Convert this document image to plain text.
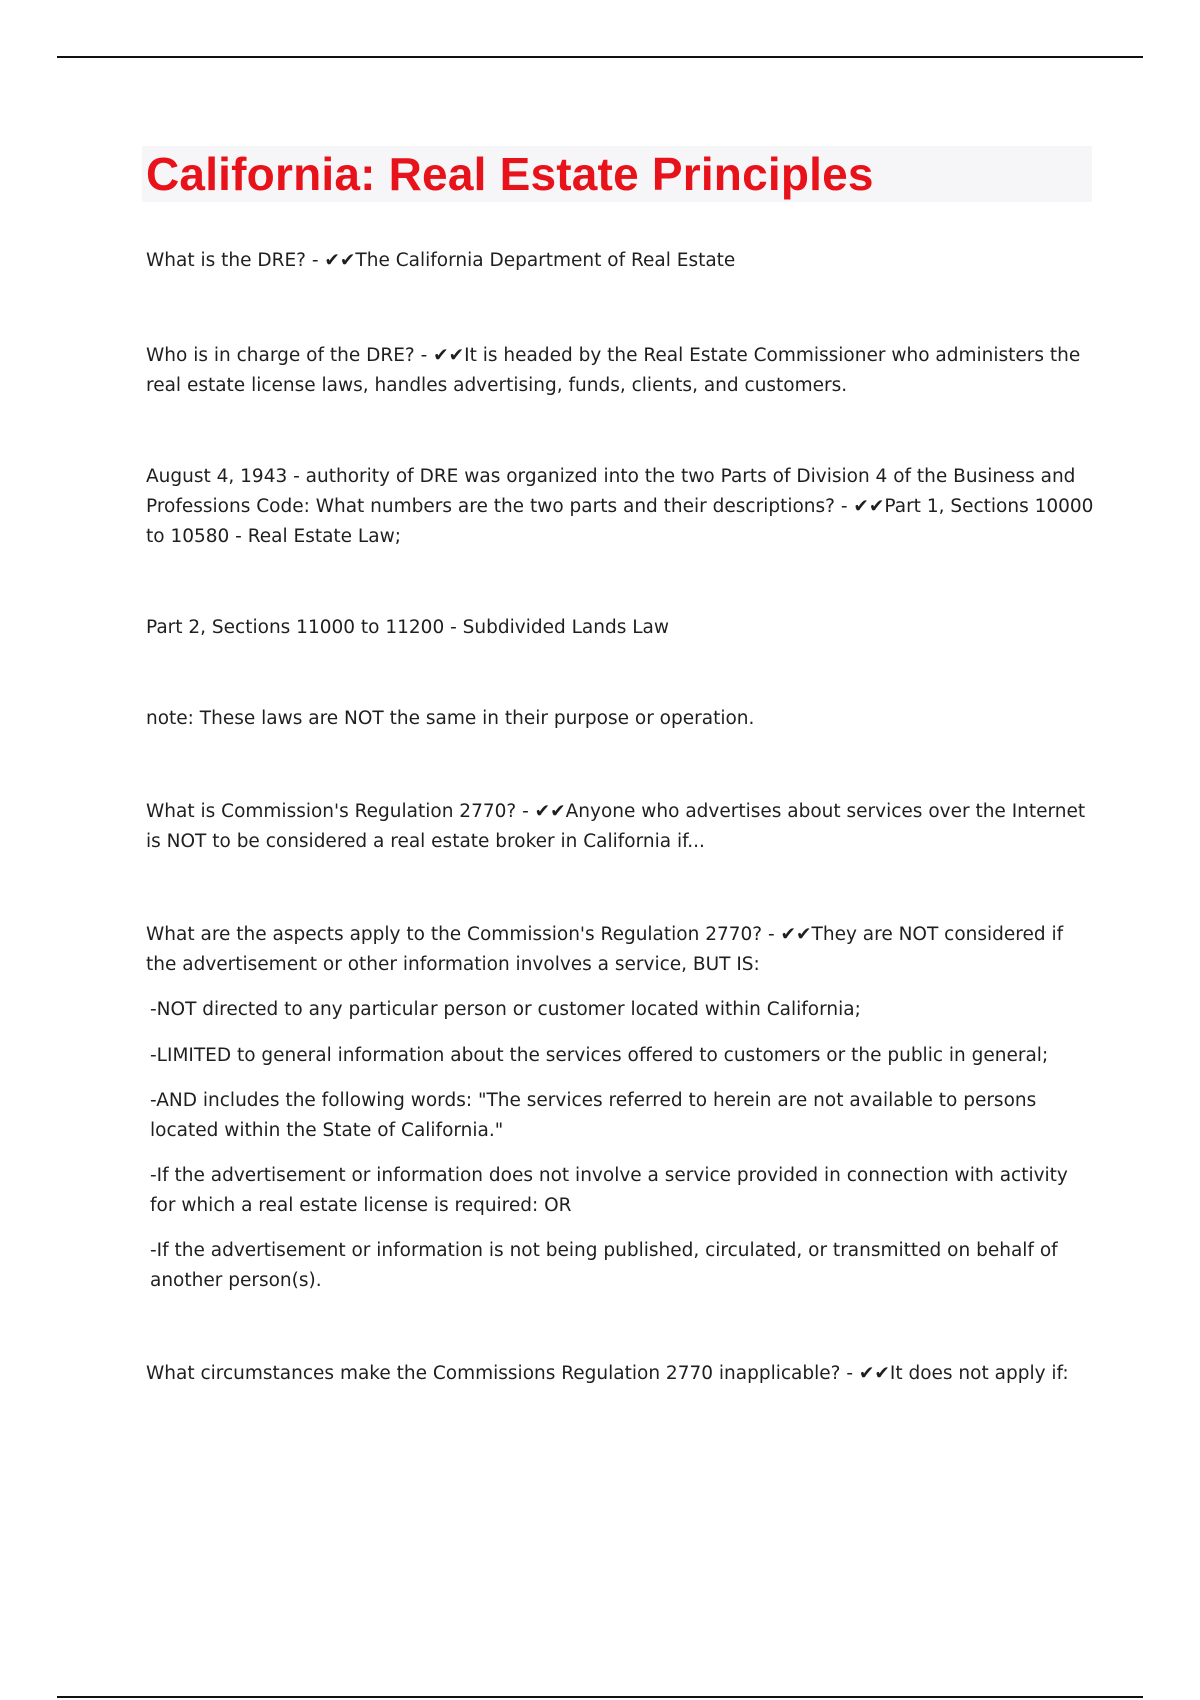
California: Real Estate Principles

What is the DRE? - ✔✔The California Department of Real Estate

Who is in charge of the DRE? - ✔✔It is headed by the Real Estate Commissioner who administers the real estate license laws, handles advertising, funds, clients, and customers.

August 4, 1943 - authority of DRE was organized into the two Parts of Division 4 of the Business and Professions Code: What numbers are the two parts and their descriptions? - ✔✔Part 1, Sections 10000 to 10580 - Real Estate Law;

Part 2, Sections 11000 to 11200 - Subdivided Lands Law

note: These laws are NOT the same in their purpose or operation.

What is Commission's Regulation 2770? - ✔✔Anyone who advertises about services over the Internet is NOT to be considered a real estate broker in California if...

What are the aspects apply to the Commission's Regulation 2770? - ✔✔They are NOT considered if the advertisement or other information involves a service, BUT IS:

-NOT directed to any particular person or customer located within California;

-LIMITED to general information about the services offered to customers or the public in general;

-AND includes the following words: "The services referred to herein are not available to persons located within the State of California."

-If the advertisement or information does not involve a service provided in connection with activity for which a real estate license is required: OR

-If the advertisement or information is not being published, circulated, or transmitted on behalf of another person(s).

What circumstances make the Commissions Regulation 2770 inapplicable? - ✔✔It does not apply if:
